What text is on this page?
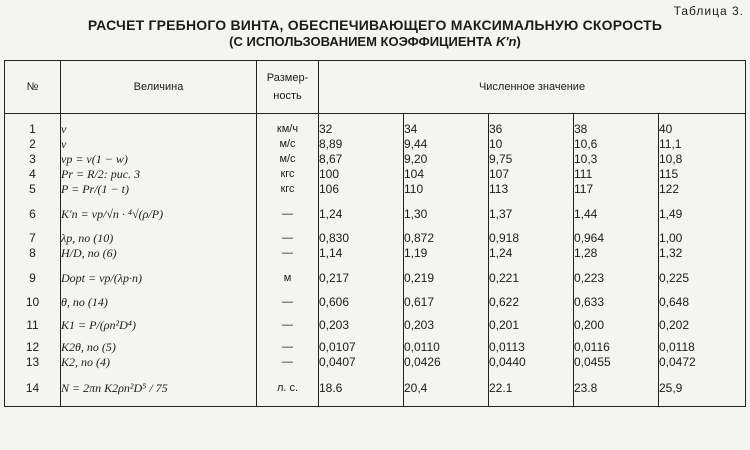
Таблица 3.
РАСЧЕТ ГРЕБНОГО ВИНТА, ОБЕСПЕЧИВАЮЩЕГО МАКСИМАЛЬНУЮ СКОРОСТЬ
(С ИСПОЛЬЗОВАНИЕМ КОЭФФИЦИЕНТА K'n)
№	Величина	Размер- ность	Численное значение				

1	v	км/ч	32	34	36	38	40
2	v	м/с	8,89	9,44	10	10,6	11,1
3	vp = v(1 − w)	м/с	8,67	9,20	9,75	10,3	10,8
4	Pr = R/2: рис. 3	кгс	100	104	107	111	115
5	P = Pr/(1 − t)	кгс	106	110	113	117	122
6	K'n = vp/√n · ⁴√(ρ/P)	—	1,24	1,30	1,37	1,44	1,49
7	λp, по (10)	—	0,830	0,872	0,918	0,964	1,00
8	H/D, по (6)	—	1,14	1,19	1,24	1,28	1,32
9	Dopt = vp/(λp·n)	м	0,217	0,219	0,221	0,223	0,225
10	θ, по (14)	—	0,606	0,617	0,622	0,633	0,648
11	K1 = P/(ρn²D⁴)	—	0,203	0,203	0,201	0,200	0,202
12	K2θ, по (5)	—	0,0107	0,0110	0,0113	0,0116	0,0118
13	K2, по (4)	—	0,0407	0,0426	0,0440	0,0455	0,0472
14	N = 2πn K2ρn²D⁵ / 75	л. с.	18.6	20,4	22.1	23.8	25,9
